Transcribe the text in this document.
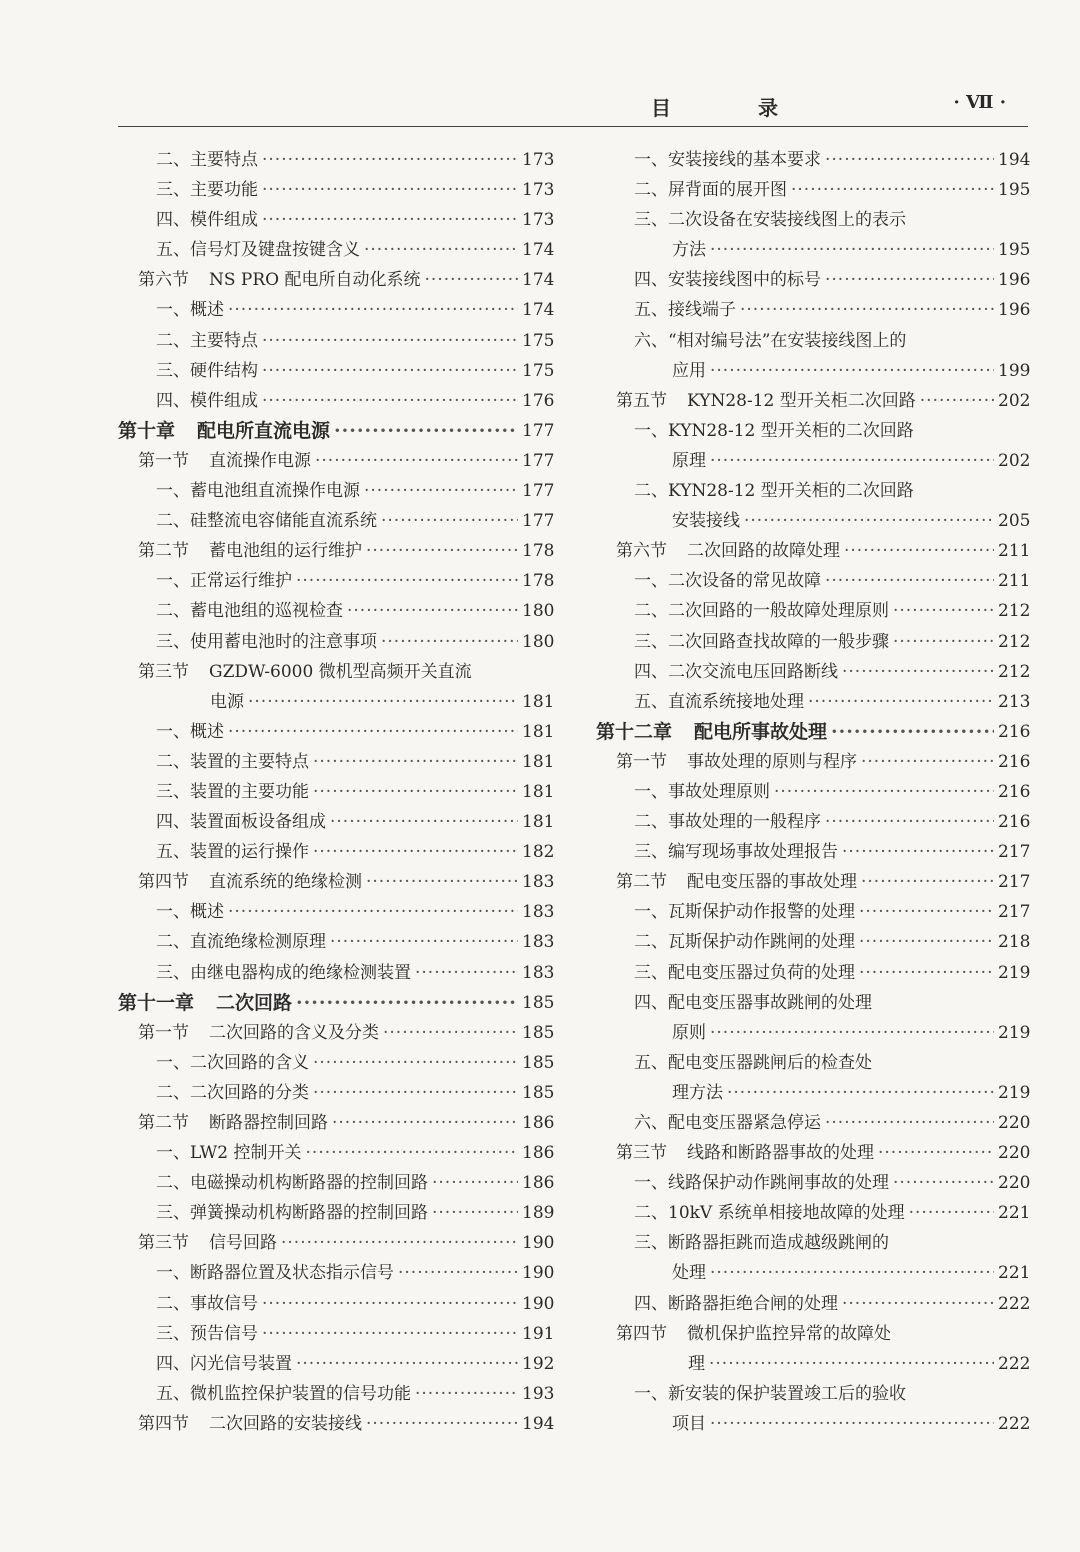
目 录	· Ⅶ ·
二、主要特点 ·····	173
三、主要功能 ·····	173
四、模件组成 ·····	173
五、信号灯及键盘按键含义 ·····	174
第六节 NS PRO 配电所自动化系统 ·····	174
一、概述 ·····	174
二、主要特点 ·····	175
三、硬件结构 ·····	175
四、模件组成 ·····	176
第十章 配电所直流电源 ·····	177
第一节 直流操作电源 ·····	177
一、蓄电池组直流操作电源 ·····	177
二、硅整流电容储能直流系统 ·····	177
第二节 蓄电池组的运行维护 ·····	178
一、正常运行维护 ·····	178
二、蓄电池组的巡视检查 ·····	180
三、使用蓄电池时的注意事项 ·····	180
第三节 GZDW-6000 微机型高频开关直流
电源 ·····	181
一、概述 ·····	181
二、装置的主要特点 ·····	181
三、装置的主要功能 ·····	181
四、装置面板设备组成 ·····	181
五、装置的运行操作 ·····	182
第四节 直流系统的绝缘检测 ·····	183
一、概述 ·····	183
二、直流绝缘检测原理 ·····	183
三、由继电器构成的绝缘检测装置 ·····	183
第十一章 二次回路 ·····	185
第一节 二次回路的含义及分类 ·····	185
一、二次回路的含义 ·····	185
二、二次回路的分类 ·····	185
第二节 断路器控制回路 ·····	186
一、LW2 控制开关 ·····	186
二、电磁操动机构断路器的控制回路 ·····	186
三、弹簧操动机构断路器的控制回路 ·····	189
第三节 信号回路 ·····	190
一、断路器位置及状态指示信号 ·····	190
二、事故信号 ·····	190
三、预告信号 ·····	191
四、闪光信号装置 ·····	192
五、微机监控保护装置的信号功能 ·····	193
第四节 二次回路的安装接线 ·····	194
一、安装接线的基本要求 ·····	194
二、屏背面的展开图 ·····	195
三、二次设备在安装接线图上的表示
方法 ·····	195
四、安装接线图中的标号 ·····	196
五、接线端子 ·····	196
六、“相对编号法”在安装接线图上的
应用 ·····	199
第五节 KYN28-12 型开关柜二次回路 ·····	202
一、KYN28-12 型开关柜的二次回路
原理 ·····	202
二、KYN28-12 型开关柜的二次回路
安装接线 ·····	205
第六节 二次回路的故障处理 ·····	211
一、二次设备的常见故障 ·····	211
二、二次回路的一般故障处理原则 ·····	212
三、二次回路查找故障的一般步骤 ·····	212
四、二次交流电压回路断线 ·····	212
五、直流系统接地处理 ·····	213
第十二章 配电所事故处理 ·····	216
第一节 事故处理的原则与程序 ·····	216
一、事故处理原则 ·····	216
二、事故处理的一般程序 ·····	216
三、编写现场事故处理报告 ·····	217
第二节 配电变压器的事故处理 ·····	217
一、瓦斯保护动作报警的处理 ·····	217
二、瓦斯保护动作跳闸的处理 ·····	218
三、配电变压器过负荷的处理 ·····	219
四、配电变压器事故跳闸的处理
原则 ·····	219
五、配电变压器跳闸后的检查处
理方法 ·····	219
六、配电变压器紧急停运 ·····	220
第三节 线路和断路器事故的处理 ·····	220
一、线路保护动作跳闸事故的处理 ·····	220
二、10kV 系统单相接地故障的处理 ·····	221
三、断路器拒跳而造成越级跳闸的
处理 ·····	221
四、断路器拒绝合闸的处理 ·····	222
第四节 微机保护监控异常的故障处
理 ·····	222
一、新安装的保护装置竣工后的验收
项目 ·····	222
